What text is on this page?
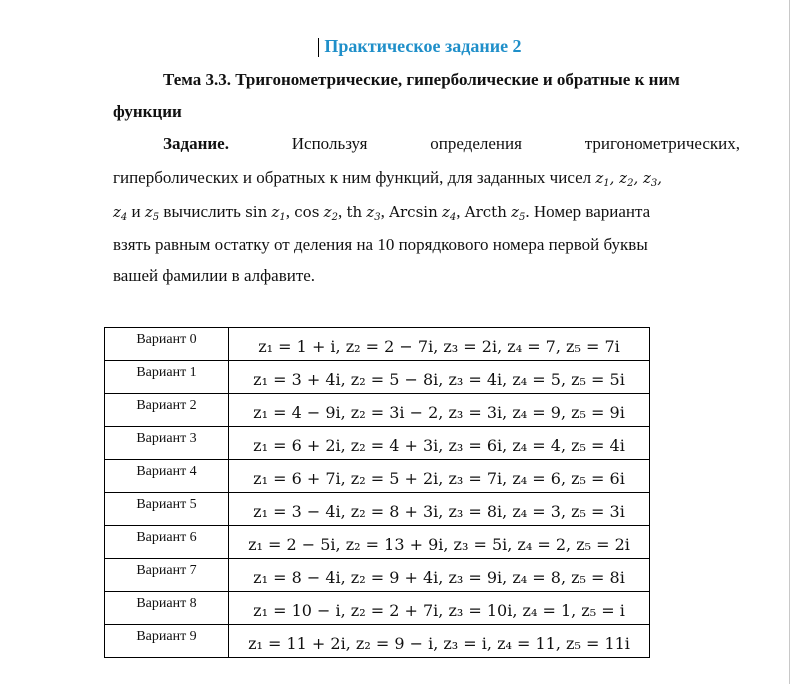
Практическое задание 2
Тема 3.3. Тригонометрические, гиперболические и обратные к ним
функции
Задание.	Используя	определения	тригонометрических,
гиперболических и обратных к ним функций, для заданных чисел $z_1$, $z_2$, $z_3$,
$z_4$ и $z_5$ вычислить $\sin z_1$, $\cos z_2$, th $z_3$, Arcsin $z_4$, Arcth $z_5$. Номер варианта
взять равным остатку от деления на 10 порядкового номера первой буквы
вашей фамилии в алфавите.
Вариант 0	z₁ = 1 + i, z₂ = 2 − 7i, z₃ = 2i, z₄ = 7, z₅ = 7i
Вариант 1	z₁ = 3 + 4i, z₂ = 5 − 8i, z₃ = 4i, z₄ = 5, z₅ = 5i
Вариант 2	z₁ = 4 − 9i, z₂ = 3i − 2, z₃ = 3i, z₄ = 9, z₅ = 9i
Вариант 3	z₁ = 6 + 2i, z₂ = 4 + 3i, z₃ = 6i, z₄ = 4, z₅ = 4i
Вариант 4	z₁ = 6 + 7i, z₂ = 5 + 2i, z₃ = 7i, z₄ = 6, z₅ = 6i
Вариант 5	z₁ = 3 − 4i, z₂ = 8 + 3i, z₃ = 8i, z₄ = 3, z₅ = 3i
Вариант 6	z₁ = 2 − 5i, z₂ = 13 + 9i, z₃ = 5i, z₄ = 2, z₅ = 2i
Вариант 7	z₁ = 8 − 4i, z₂ = 9 + 4i, z₃ = 9i, z₄ = 8, z₅ = 8i
Вариант 8	z₁ = 10 − i, z₂ = 2 + 7i, z₃ = 10i, z₄ = 1, z₅ = i
Вариант 9	z₁ = 11 + 2i, z₂ = 9 − i, z₃ = i, z₄ = 11, z₅ = 11i
